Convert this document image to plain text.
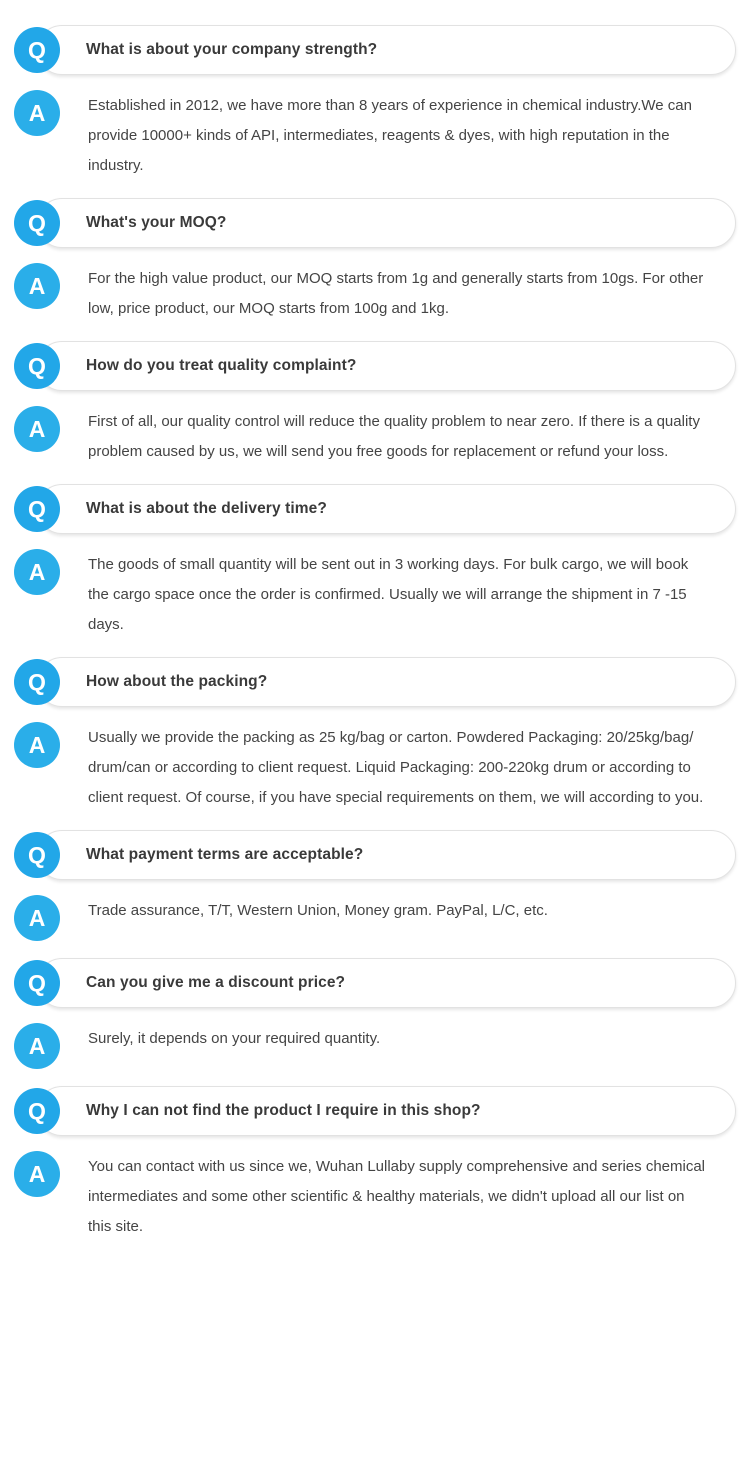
Q	What is about your company strength?
A	Established in 2012, we have more than 8 years of experience in chemical industry.We can provide 10000+ kinds of API, intermediates, reagents & dyes, with high reputation in the industry.
Q	What's your MOQ?
A	For the high value product, our MOQ starts from 1g and generally starts from 10gs. For other low, price product, our MOQ starts from 100g and 1kg.
Q	How do you treat quality complaint?
A	First of all, our quality control will reduce the quality problem to near zero. If there is a quality problem caused by us, we will send you free goods for replacement or refund your loss.
Q	What is about the delivery time?
A	The goods of small quantity will be sent out in 3 working days. For bulk cargo, we will book the cargo space once the order is confirmed. Usually we will arrange the shipment in 7 -15 days.
Q	How about the packing?
A	Usually we provide the packing as 25 kg/bag or carton. Powdered Packaging: 20/25kg/bag/ drum/can or according to client request. Liquid Packaging: 200-220kg drum or according to client request. Of course, if you have special requirements on them, we will according to you.
Q	What payment terms are acceptable?
A	Trade assurance, T/T, Western Union, Money gram. PayPal, L/C, etc.
Q	Can you give me a discount price?
A	Surely, it depends on your required quantity.
Q	Why I can not find the product I require in this shop?
A	You can contact with us since we, Wuhan Lullaby supply comprehensive and series chemical intermediates and some other scientific & healthy materials, we didn't upload all our list on this site.
